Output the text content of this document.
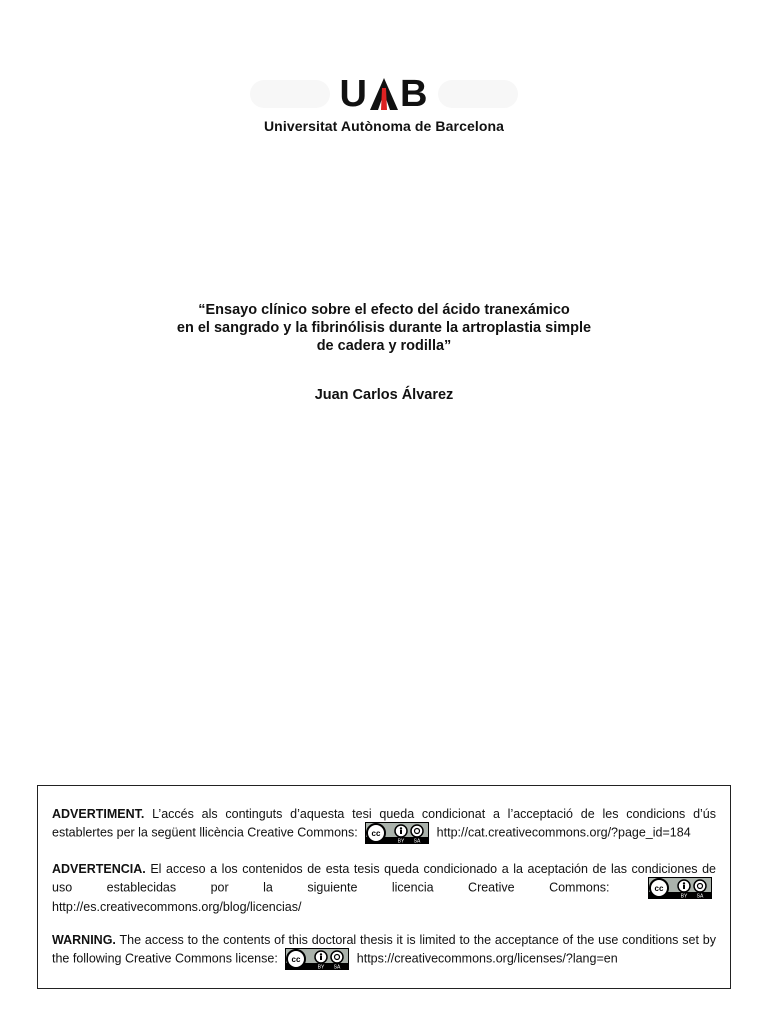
U B
Universitat Autònoma de Barcelona
“Ensayo clínico sobre el efecto del ácido tranexámico
en el sangrado y la fibrinólisis durante la artroplastia simple
de cadera y rodilla”
Juan Carlos Álvarez
ADVERTIMENT. L’accés als continguts d’aquesta tesi queda condicionat a l’acceptació de les condicions d’ús establertes per la següent llicència Creative Commons: cc
BY SA
http://cat.creativecommons.org/?page_id=184
ADVERTENCIA. El acceso a los contenidos de esta tesis queda condicionado a la aceptación de las condiciones de uso establecidas por la siguiente licencia Creative Commons:	cc
BY SA
http://es.creativecommons.org/blog/licencias/
WARNING. The access to the contents of this doctoral thesis it is limited to the acceptance of the use conditions set by the following Creative Commons license: cc
BY SA
https://creativecommons.org/licenses/?lang=en
